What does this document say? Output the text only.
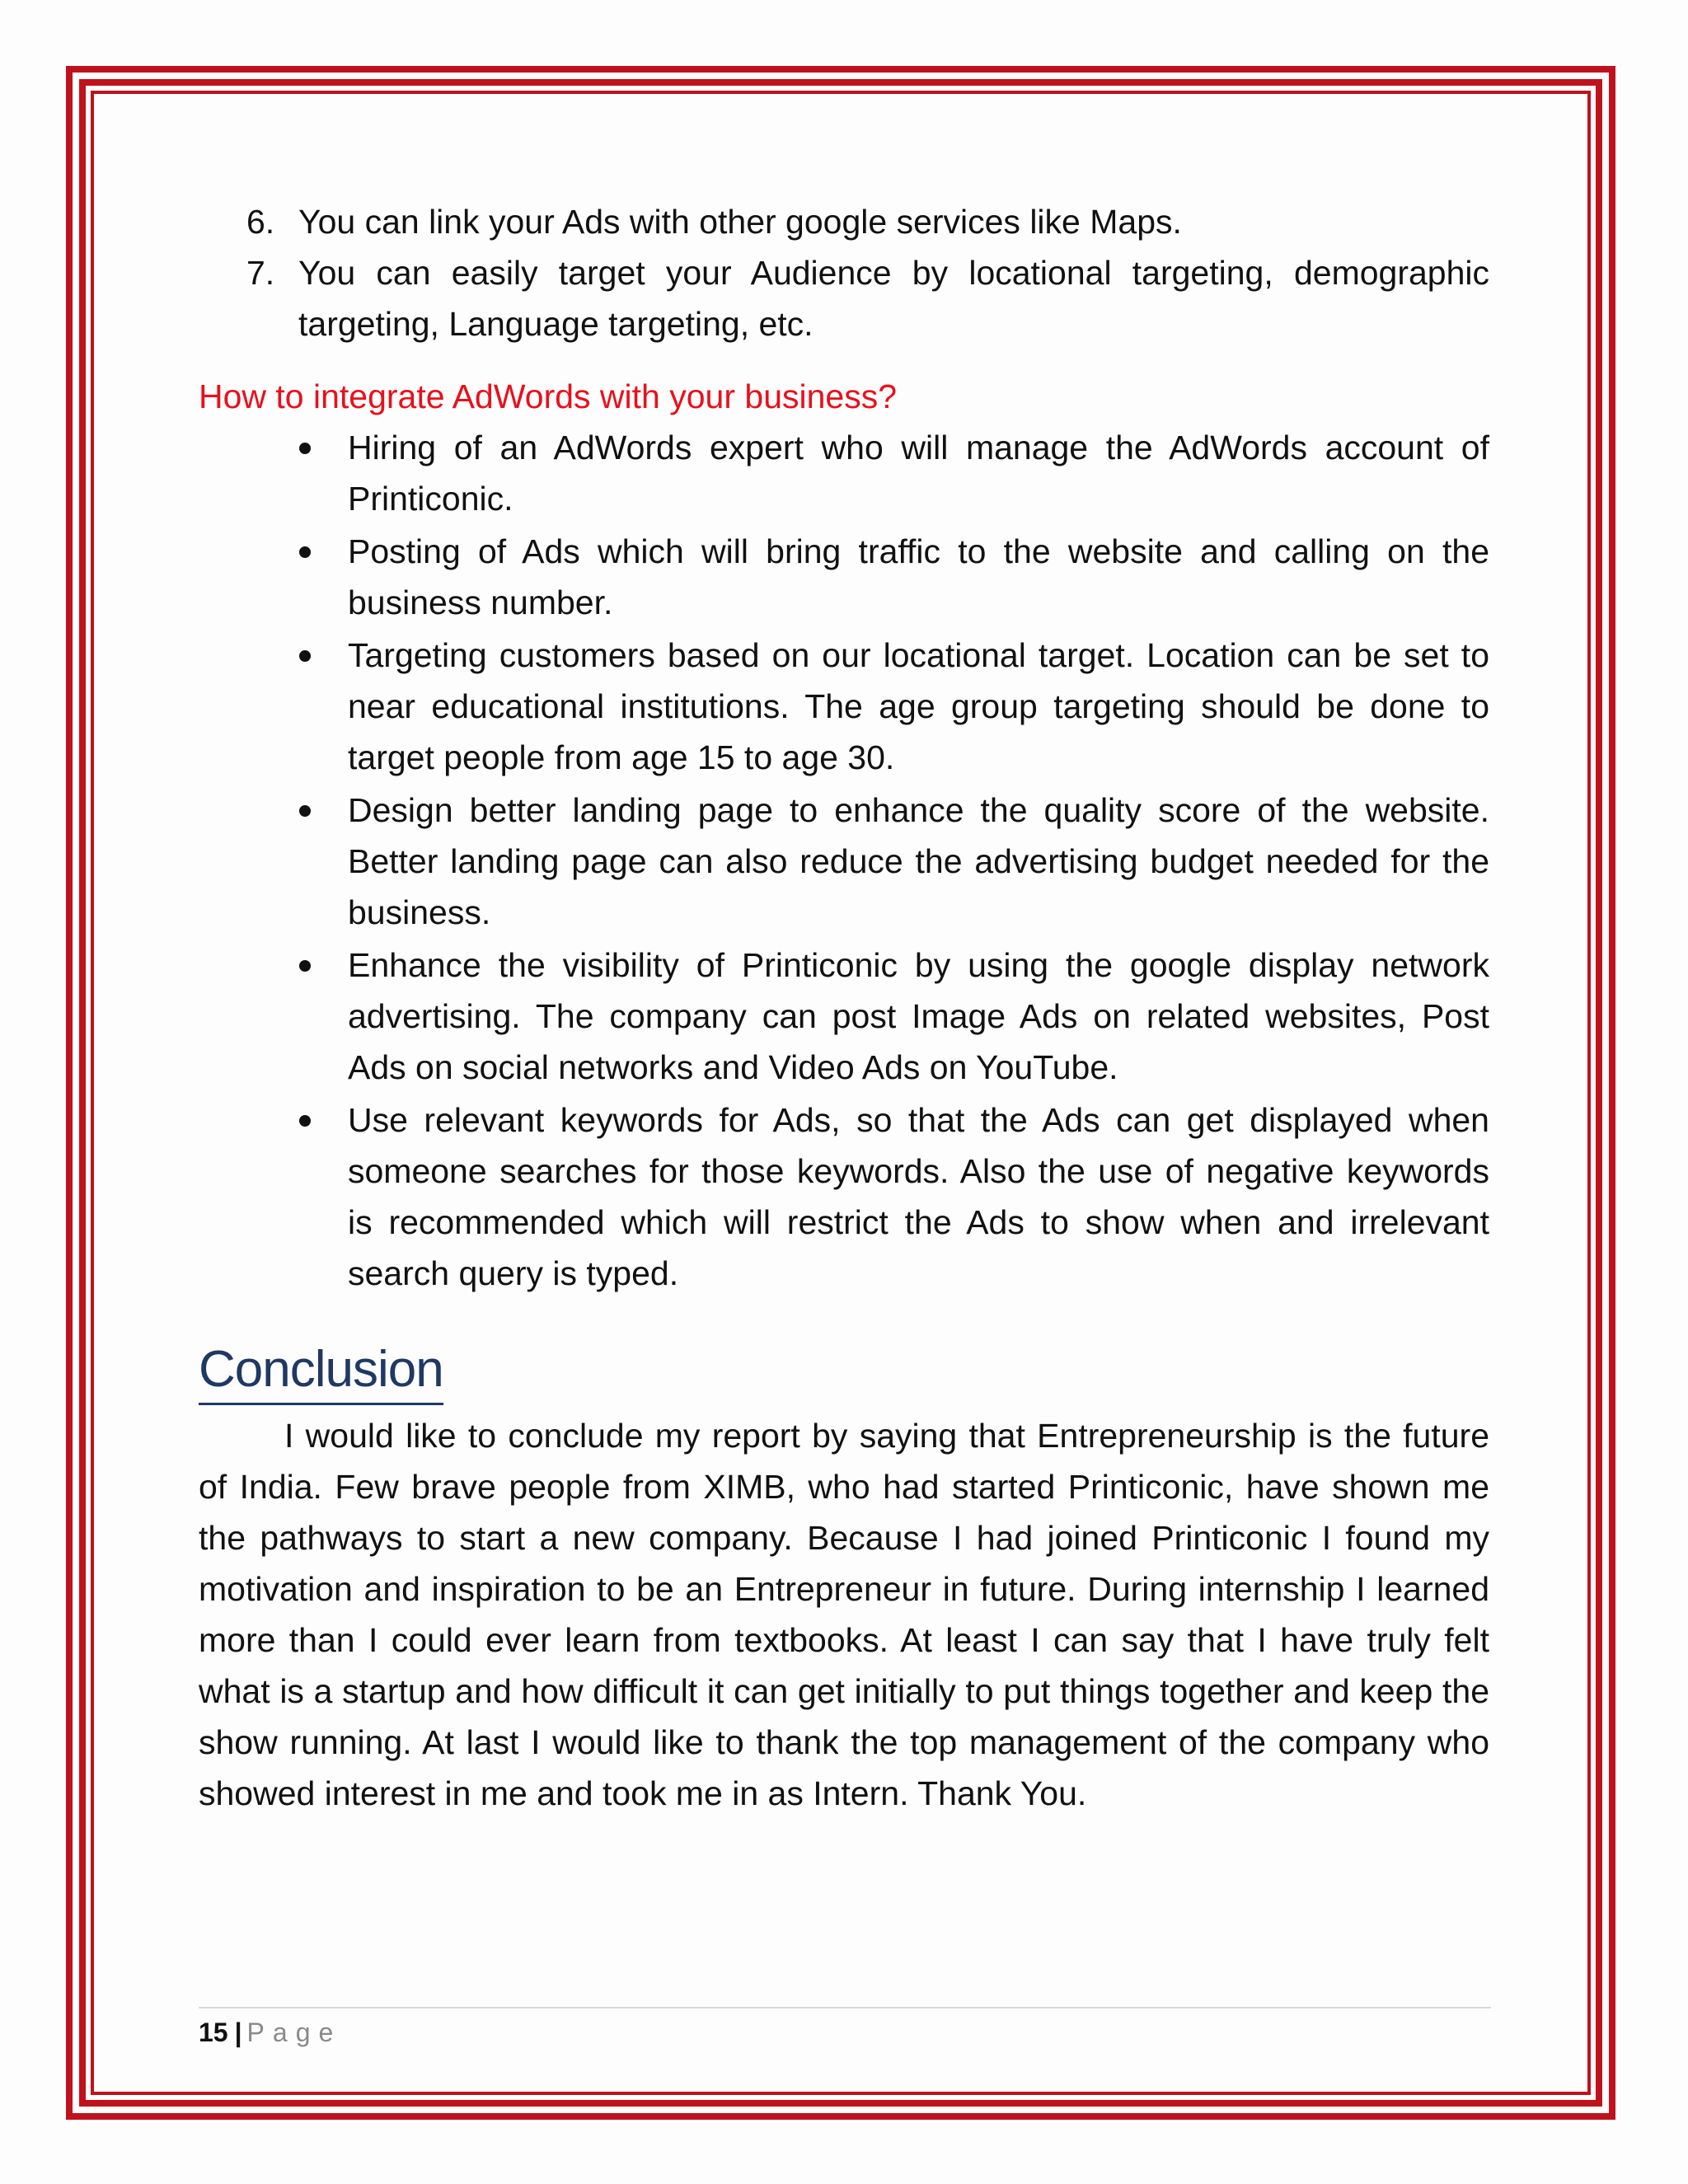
6. You can link your Ads with other google services like Maps.
7. You can easily target your Audience by locational targeting, demographic targeting, Language targeting, etc.
How to integrate AdWords with your business?
Hiring of an AdWords expert who will manage the AdWords account of Printiconic.
Posting of Ads which will bring traffic to the website and calling on the business number.
Targeting customers based on our locational target. Location can be set to near educational institutions. The age group targeting should be done to target people from age 15 to age 30.
Design better landing page to enhance the quality score of the website. Better landing page can also reduce the advertising budget needed for the business.
Enhance the visibility of Printiconic by using the google display network advertising. The company can post Image Ads on related websites, Post Ads on social networks and Video Ads on YouTube.
Use relevant keywords for Ads, so that the Ads can get displayed when someone searches for those keywords. Also the use of negative keywords is recommended which will restrict the Ads to show when and irrelevant search query is typed.
Conclusion
I would like to conclude my report by saying that Entrepreneurship is the future of India. Few brave people from XIMB, who had started Printiconic, have shown me the pathways to start a new company. Because I had joined Printiconic I found my motivation and inspiration to be an Entrepreneur in future. During internship I learned more than I could ever learn from textbooks. At least I can say that I have truly felt what is a startup and how difficult it can get initially to put things together and keep the show running. At last I would like to thank the top management of the company who showed interest in me and took me in as Intern. Thank You.
15 | Page
